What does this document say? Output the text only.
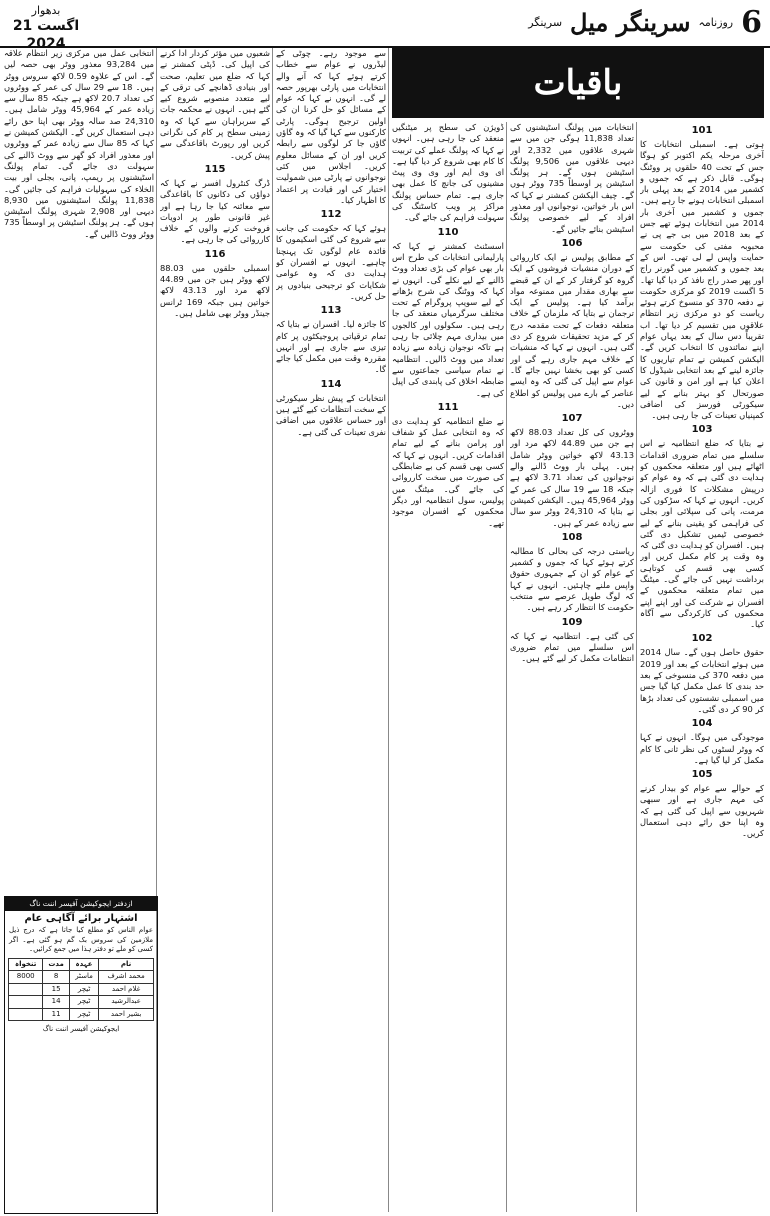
بدھوار
21 اگست 2024
6
روزنامہ
سرینگر میل
سرینگر
باقیات
101

ہوتی ہے۔ اسمبلی انتخابات کا آخری مرحلہ یکم اکتوبر کو ہوگا جس کے تحت 40 حلقوں پر ووٹنگ ہوگی۔ قابل ذکر ہے کہ جموں و کشمیر میں 2014 کے بعد پہلی بار اسمبلی انتخابات ہونے جا رہے ہیں۔ جموں و کشمیر میں آخری بار 2014 میں انتخابات ہوئے تھے جس کے بعد 2018 میں بی جے پی نے محبوبہ مفتی کی حکومت سے حمایت واپس لے لی تھی۔ اس کے بعد جموں و کشمیر میں گورنر راج اور پھر صدر راج نافذ کر دیا گیا تھا۔ 5 اگست 2019 کو مرکزی حکومت نے دفعہ 370 کو منسوخ کرتے ہوئے ریاست کو دو مرکزی زیر انتظام علاقوں میں تقسیم کر دیا تھا۔ اب تقریباً دس سال کے بعد یہاں عوام اپنے نمائندوں کا انتخاب کریں گے۔ الیکشن کمیشن نے تمام تیاریوں کا جائزہ لینے کے بعد انتخابی شیڈول کا اعلان کیا ہے اور امن و قانون کی صورتحال کو بہتر بنانے کے لیے سیکورٹی فورسز کی اضافی کمپنیاں تعینات کی جا رہی ہیں۔

103

نے بتایا کہ ضلع انتظامیہ نے اس سلسلے میں تمام ضروری اقدامات اٹھائے ہیں اور متعلقہ محکموں کو ہدایت دی گئی ہے کہ وہ عوام کو درپیش مشکلات کا فوری ازالہ کریں۔ انہوں نے کہا کہ سڑکوں کی مرمت، پانی کی سپلائی اور بجلی کی فراہمی کو یقینی بنانے کے لیے خصوصی ٹیمیں تشکیل دی گئی ہیں۔ افسران کو ہدایت دی گئی کہ وہ وقت پر کام مکمل کریں اور کسی بھی قسم کی کوتاہی برداشت نہیں کی جائے گی۔ میٹنگ میں تمام متعلقہ محکموں کے افسران نے شرکت کی اور اپنے اپنے محکموں کی کارکردگی سے آگاہ کیا۔

102

حقوق حاصل ہوں گے۔ سال 2014 میں ہوئے انتخابات کے بعد اور 2019 میں دفعہ 370 کی منسوخی کے بعد حد بندی کا عمل مکمل کیا گیا جس میں اسمبلی نشستوں کی تعداد بڑھا کر 90 کر دی گئی۔

104

موجودگی میں ہوگا۔ انہوں نے کہا کہ ووٹر لسٹوں کی نظر ثانی کا کام مکمل کر لیا گیا ہے۔

105

کے حوالے سے عوام کو بیدار کرنے کی مہم جاری ہے اور سبھی شہریوں سے اپیل کی گئی ہے کہ وہ اپنا حق رائے دہی استعمال کریں۔

انتخابات میں پولنگ اسٹیشنوں کی تعداد 11,838 ہوگی جن میں سے شہری علاقوں میں 2,332 اور دیہی علاقوں میں 9,506 پولنگ اسٹیشن ہوں گے۔ ہر پولنگ اسٹیشن پر اوسطاً 735 ووٹر ہوں گے۔ چیف الیکشن کمشنر نے کہا کہ اس بار خواتین، نوجوانوں اور معذور افراد کے لیے خصوصی پولنگ اسٹیشن بنائے جائیں گے۔

106

کے مطابق پولیس نے ایک کارروائی کے دوران منشیات فروشوں کے ایک گروہ کو گرفتار کر کے ان کے قبضے سے بھاری مقدار میں ممنوعہ مواد برآمد کیا ہے۔ پولیس کے ایک ترجمان نے بتایا کہ ملزمان کے خلاف متعلقہ دفعات کے تحت مقدمہ درج کر کے مزید تحقیقات شروع کر دی گئی ہیں۔ انہوں نے کہا کہ منشیات کے خلاف مہم جاری رہے گی اور کسی کو بھی بخشا نہیں جائے گا۔ عوام سے اپیل کی گئی کہ وہ ایسے عناصر کے بارے میں پولیس کو اطلاع دیں۔

107

ووٹروں کی کل تعداد 88.03 لاکھ ہے جن میں 44.89 لاکھ مرد اور 43.13 لاکھ خواتین ووٹر شامل ہیں۔ پہلی بار ووٹ ڈالنے والے نوجوانوں کی تعداد 3.71 لاکھ ہے جبکہ 18 سے 19 سال کی عمر کے ووٹر 45,964 ہیں۔ الیکشن کمیشن نے بتایا کہ 24,310 ووٹر سو سال سے زیادہ عمر کے ہیں۔

108

ریاستی درجہ کی بحالی کا مطالبہ کرتے ہوئے کہا کہ جموں و کشمیر کے عوام کو ان کے جمہوری حقوق واپس ملنے چاہئیں۔ انہوں نے کہا کہ لوگ طویل عرصے سے منتخب حکومت کا انتظار کر رہے ہیں۔

109

کی گئی ہے۔ انتظامیہ نے کہا کہ اس سلسلے میں تمام ضروری انتظامات مکمل کر لیے گئے ہیں۔

ڈویژن کی سطح پر میٹنگیں منعقد کی جا رہی ہیں۔ انہوں نے کہا کہ پولنگ عملے کی تربیت کا کام بھی شروع کر دیا گیا ہے۔ ای وی ایم اور وی وی پیٹ مشینوں کی جانچ کا عمل بھی جاری ہے۔ تمام حساس پولنگ مراکز پر ویب کاسٹنگ کی سہولت فراہم کی جائے گی۔

110

اسسٹنٹ کمشنر نے کہا کہ پارلیمانی انتخابات کی طرح اس بار بھی عوام کی بڑی تعداد ووٹ ڈالنے کے لیے نکلے گی۔ انہوں نے کہا کہ ووٹنگ کی شرح بڑھانے کے لیے سویپ پروگرام کے تحت مختلف سرگرمیاں منعقد کی جا رہی ہیں۔ سکولوں اور کالجوں میں بیداری مہم چلائی جا رہی ہے تاکہ نوجوان زیادہ سے زیادہ تعداد میں ووٹ ڈالیں۔ انتظامیہ نے تمام سیاسی جماعتوں سے ضابطہ اخلاق کی پابندی کی اپیل کی ہے۔

111

نے ضلع انتظامیہ کو ہدایت دی کہ وہ انتخابی عمل کو شفاف اور پرامن بنانے کے لیے تمام اقدامات کریں۔ انہوں نے کہا کہ کسی بھی قسم کی بے ضابطگی کی صورت میں سخت کارروائی کی جائے گی۔ میٹنگ میں پولیس، سول انتظامیہ اور دیگر محکموں کے افسران موجود تھے۔

سے موجود رہے۔ چوٹی کے لیڈروں نے عوام سے خطاب کرتے ہوئے کہا کہ آنے والے انتخابات میں پارٹی بھرپور حصہ لے گی۔ انہوں نے کہا کہ عوام کے مسائل کو حل کرنا ان کی اولین ترجیح ہوگی۔ پارٹی کارکنوں سے کہا گیا کہ وہ گاؤں گاؤں جا کر لوگوں سے رابطہ کریں اور ان کے مسائل معلوم کریں۔ اجلاس میں کئی نوجوانوں نے پارٹی میں شمولیت اختیار کی اور قیادت پر اعتماد کا اظہار کیا۔

112

ہوئے کہا کہ حکومت کی جانب سے شروع کی گئی اسکیموں کا فائدہ عام لوگوں تک پہنچنا چاہیے۔ انہوں نے افسران کو ہدایت دی کہ وہ عوامی شکایات کو ترجیحی بنیادوں پر حل کریں۔

113

کا جائزہ لیا۔ افسران نے بتایا کہ تمام ترقیاتی پروجیکٹوں پر کام تیزی سے جاری ہے اور انہیں مقررہ وقت میں مکمل کیا جائے گا۔

114

انتخابات کے پیش نظر سیکورٹی کے سخت انتظامات کیے گئے ہیں اور حساس علاقوں میں اضافی نفری تعینات کی گئی ہے۔

شعبوں میں مؤثر کردار ادا کرنے کی اپیل کی۔ ڈپٹی کمشنر نے کہا کہ ضلع میں تعلیم، صحت اور بنیادی ڈھانچے کی ترقی کے لیے متعدد منصوبے شروع کیے گئے ہیں۔ انہوں نے محکمہ جات کے سربراہان سے کہا کہ وہ زمینی سطح پر کام کی نگرانی کریں اور رپورٹ باقاعدگی سے پیش کریں۔

115

ڈرگ کنٹرول افسر نے کہا کہ دواؤں کی دکانوں کا باقاعدگی سے معائنہ کیا جا رہا ہے اور غیر قانونی طور پر ادویات فروخت کرنے والوں کے خلاف کارروائی کی جا رہی ہے۔

116

اسمبلی حلقوں میں 88.03 لاکھ ووٹر ہیں جن میں 44.89 لاکھ مرد اور 43.13 لاکھ خواتین ہیں جبکہ 169 ٹرانس جینڈر ووٹر بھی شامل ہیں۔

انتخابی عمل میں مرکزی زیر انتظام علاقہ میں 93,284 معذور ووٹر بھی حصہ لیں گے۔ اس کے علاوہ 0.59 لاکھ سروس ووٹر ہیں۔ 18 سے 29 سال کی عمر کے ووٹروں کی تعداد 20.7 لاکھ ہے جبکہ 85 سال سے زیادہ عمر کے 45,964 ووٹر شامل ہیں۔ 24,310 صد سالہ ووٹر بھی اپنا حق رائے دہی استعمال کریں گے۔ الیکشن کمیشن نے کہا کہ 85 سال سے زیادہ عمر کے ووٹروں اور معذور افراد کو گھر سے ووٹ ڈالنے کی سہولت دی جائے گی۔ تمام پولنگ اسٹیشنوں پر ریمپ، پانی، بجلی اور بیت الخلاء کی سہولیات فراہم کی جائیں گی۔ 11,838 پولنگ اسٹیشنوں میں 8,930 دیہی اور 2,908 شہری پولنگ اسٹیشن ہوں گے۔ ہر پولنگ اسٹیشن پر اوسطاً 735 ووٹر ووٹ ڈالیں گے۔

ازدفتر ایجوکیشن آفیسر اننت ناگ
اشتہار برائے آگاہی عام
عوام الناس کو مطلع کیا جاتا ہے کہ درج ذیل ملازمین کی سروس بک گم ہو گئی ہے۔ اگر کسی کو ملے تو دفتر ہذا میں جمع کرائیں۔
نام	عہدہ	مدت	تنخواہ
محمد اشرف	ماسٹر	8	8000
غلام احمد	ٹیچر	15	
عبدالرشید	ٹیچر	14	
بشیر احمد	ٹیچر	11	
ایجوکیشن آفیسر اننت ناگ
